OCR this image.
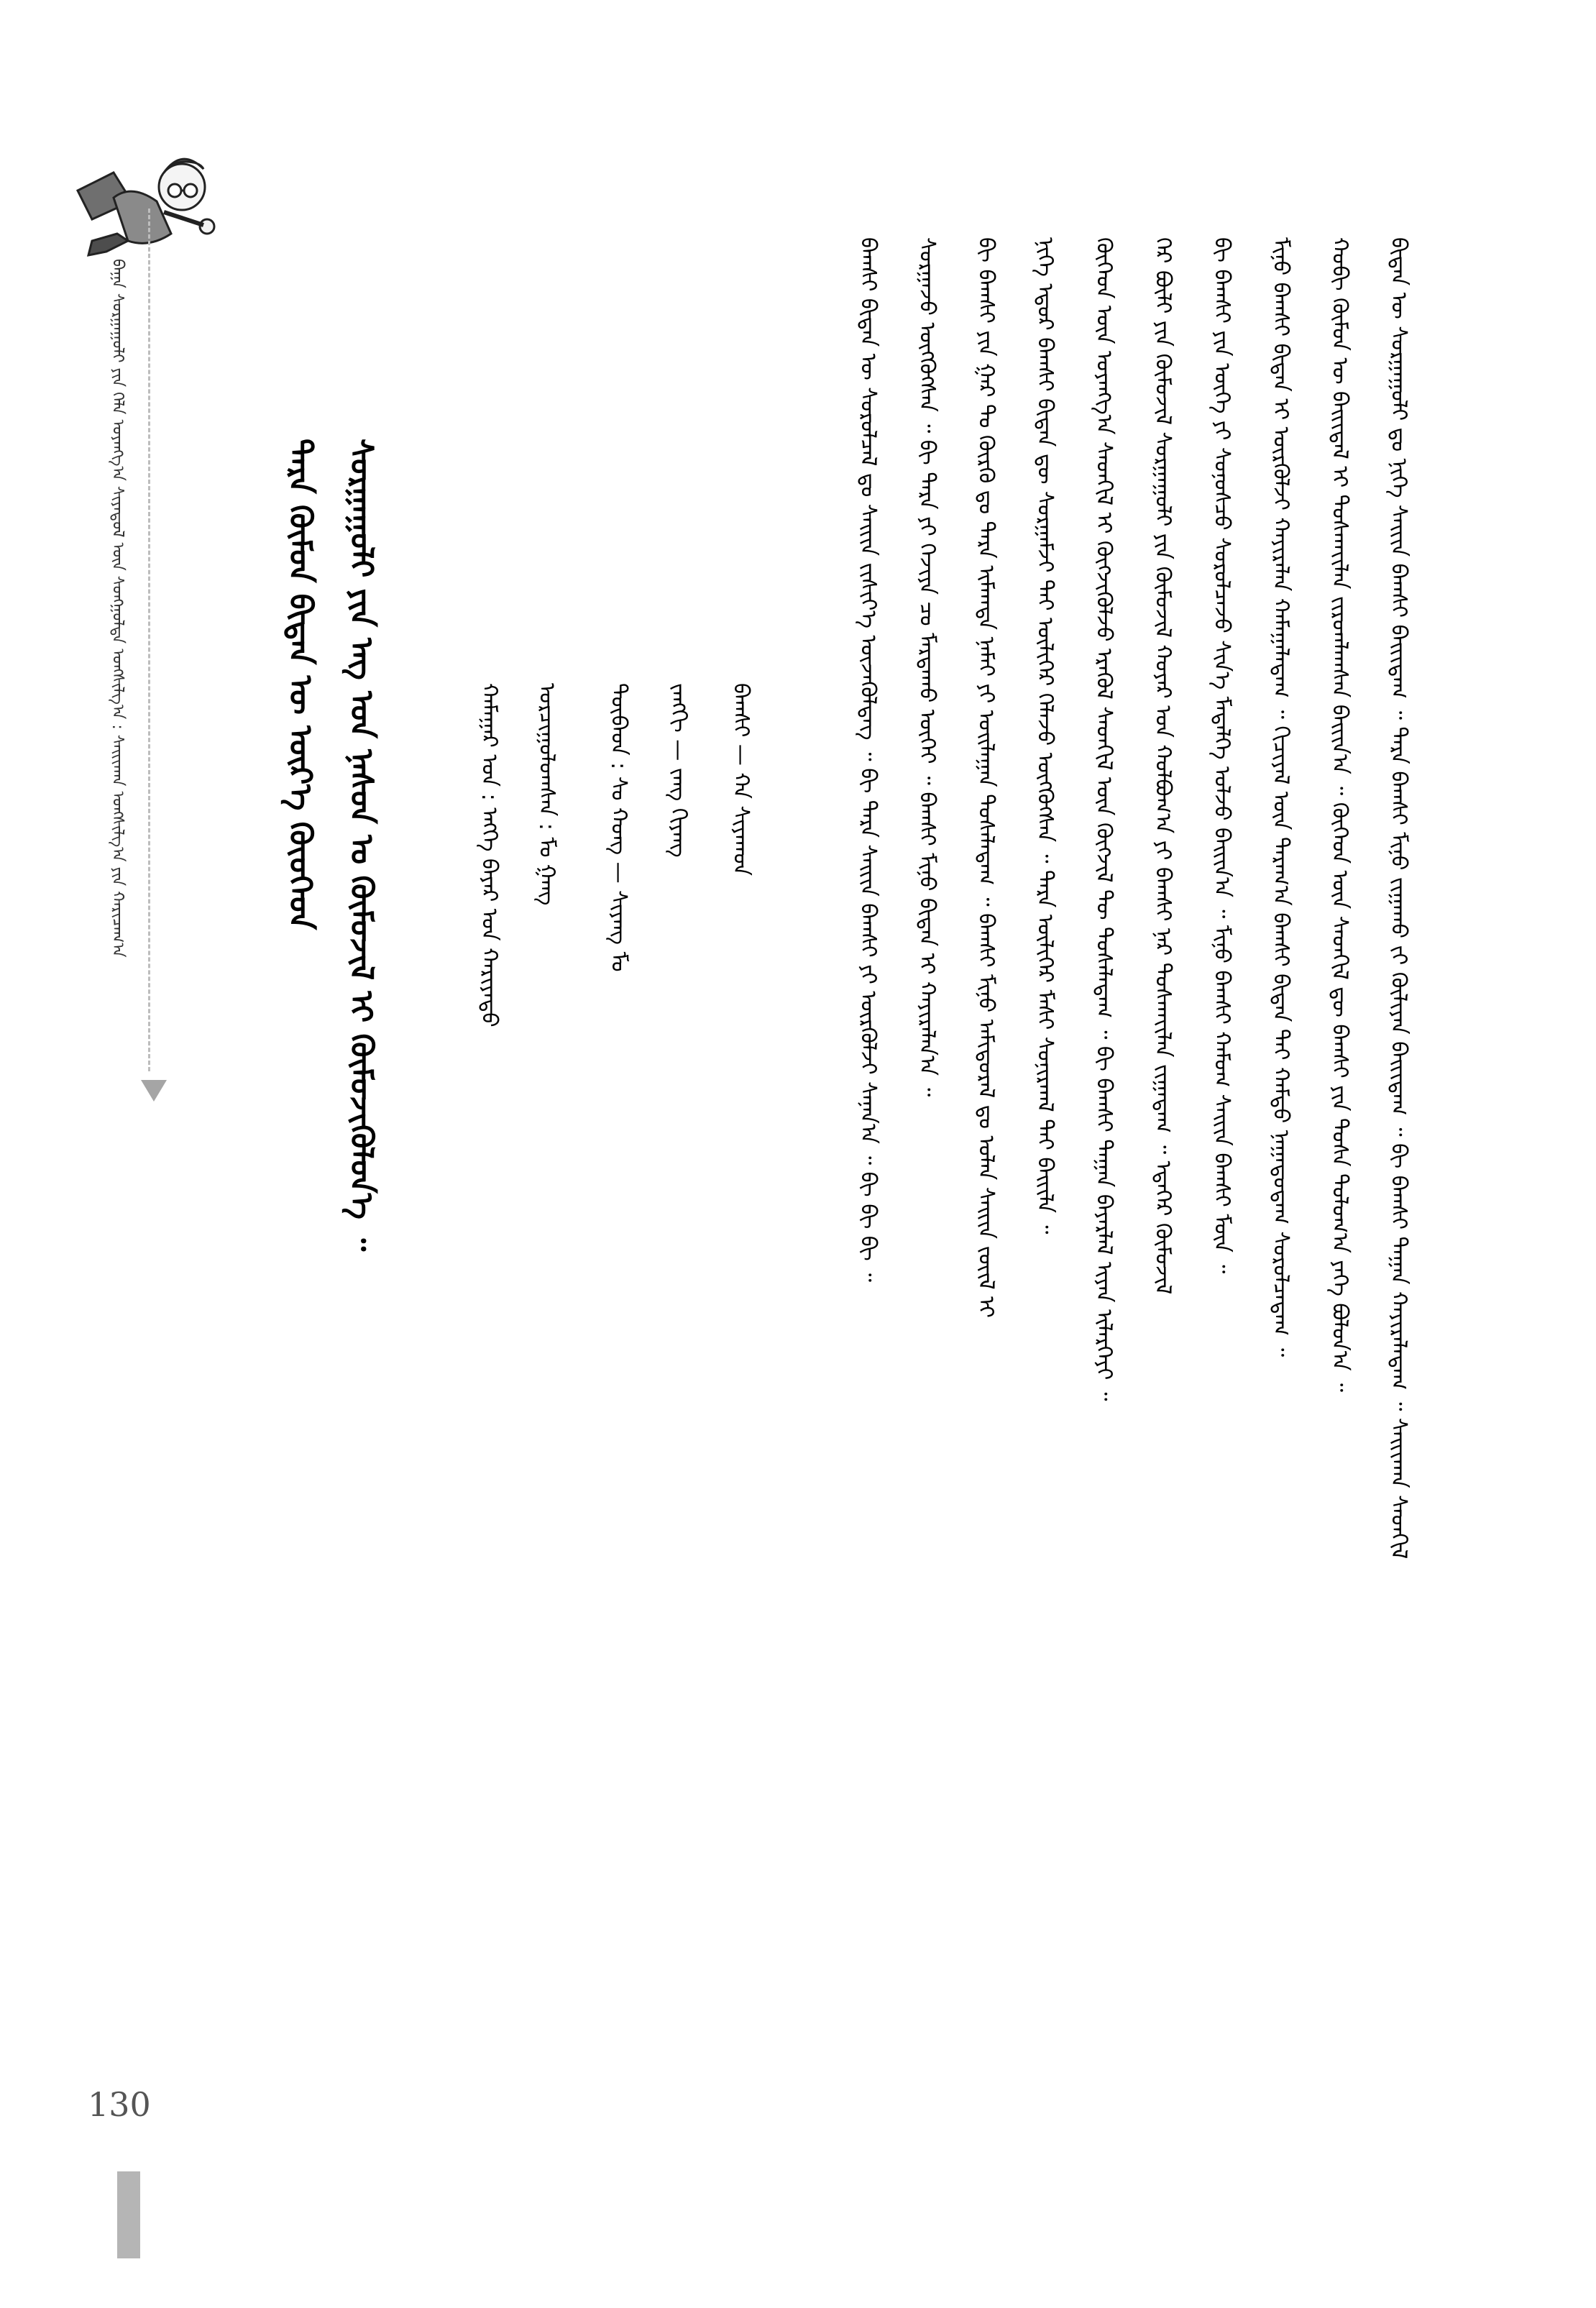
ᠪᠠᠭᠠ ᠰᠤᠷᠭᠠᠭᠤᠯᠢ ᠶᠢᠨ ᠬᠡᠯᠡ ᠤᠶᠠᠩᠭ᠎ᠠ ᠰᠢᠶᠡᠳᠦᠯ ᠦᠨ ᠰᠣᠩᠭ᠋ᠤᠯᠲᠠ ᠤᠩᠰᠢᠯᠭ᠎ᠠ : ᠰᠠᠢᠢᠬᠠᠨ ᠤᠩᠰᠢᠯᠭ᠎ᠠ ᠶᠢᠨ ᠬᠠᠷᠢᠴᠠᠭ᠎ᠠ	ᠲᠡᠷᠡ ᠬᠦᠮᠦᠨ ᠪᠢᠳᠡᠨ ᠦ ᠦᠷ᠎ᠡ ᠬᠦᠦᠬᠡᠳ ᠰᠤᠷᠭᠠᠭᠤᠯᠢ ᠶᠢᠨ ᠡᠩ ᠤᠨ ᠨᠠᠰᠤᠨ ᠤ ᠬᠦᠮᠦᠵᠢᠯ ᠢ ᠬᠦᠮᠦᠵᠢᠭᠦᠯᠦᠨ᠎ᠡ ᠃	ᠪᠠᠭᠰᠢ — ᠬᠠ ᠰᠢᠶᠠᠬᠤᠨ
ᠵᠠᠩᠭᠢ — ᠵᠠᠩ ᠬᠢᠶᠠᠩ
ᠲᠦᠪᠡᠳ : ᠰᠤ ᠬᠤᠩ — ᠰᠢᠶᠠᠩ ᠮᠤ
ᠣᠷᠴᠢᠭᠤᠯᠤᠭᠰᠠᠨ : ᠮᠤ ᠭᠠᠩ
ᠬᠠᠮᠠᠭᠠᠷ ᠤᠨ : ᠡᠩᠬᠡ ᠪᠠᠶᠠᠷ ᠤᠨ ᠬᠠᠷᠢᠶᠠᠲᠤ	ᠪᠢᠳᠡᠨ ᠦ ᠰᠤᠷᠭᠠᠭᠤᠯᠢ ᠳᠤ ᠨᠢᠭᠡ ᠰᠠᠢᠢᠨ ᠪᠠᠭᠰᠢ ᠪᠠᠢᠢᠳᠠᠭ ᠃ ᠲᠡᠷᠡ ᠪᠠᠭᠰᠢ ᠮᠢᠨᠤ ᠵᠢᠭᠠᠬᠤ ᠵᠢ ᠬᠦᠯᠢᠶᠡᠨ ᠪᠠᠢᠢᠳᠠᠭ ᠃ ᠪᠢ ᠪᠠᠭᠰᠢ ᠳᠠᠭᠠᠨ ᠬᠠᠶᠢᠷᠠᠯᠠᠳᠠᠭ ᠃ ᠰᠠᠢᠢᠬᠠᠨ ᠰᠡᠳᠬᠢᠯ
ᠬᠤᠪᠢ ᠬᠦᠮᠦᠨ ᠦ ᠪᠠᠢᠢᠳᠠᠯ ᠢ ᠲᠤᠰᠬᠠᠶ᠋ᠢᠯᠠᠨ ᠵᠢᠷᠤᠭᠯᠠᠭᠰᠠᠨ ᠪᠠᠢᠢᠨ᠎ᠠ ᠃ ᠬᠦᠬᠡᠳ ᠦᠨ ᠰᠡᠳᠬᠢᠯ ᠳᠦ ᠪᠠᠭᠰᠢ ᠶᠢᠨ ᠲᠤᠰᠠ ᠲᠤᠯᠤᠭ᠎ᠠ ᠶᠡᠬᠡ ᠪᠤᠯᠤᠨ᠎ᠠ ᠃
ᠮᠢᠨᠤ ᠪᠠᠭᠰᠢ ᠪᠢᠳᠡᠨ ᠢ ᠦᠷᠭᠦᠯᠵᠢ ᠬᠠᠶᠢᠷᠠᠯᠠᠨ ᠬᠠᠮᠠᠭᠠᠯᠠᠳᠠᠭ ᠃ ᠬᠢᠴᠢᠶᠡᠯ ᠦᠨ ᠳᠠᠷᠠᠭ᠎ᠠ ᠪᠠᠭᠰᠢ ᠪᠢᠳᠡᠨ ᠲᠡᠢ ᠬᠠᠮᠲᠤ ᠨᠠᠭᠠᠳᠤᠳᠠᠭ ᠰᠤᠷᠤᠯᠴᠠᠳᠠᠭ ᠃
ᠪᠢ ᠪᠠᠭᠰᠢ ᠶᠢᠨ ᠦᠭᠡ ᠶᠢ ᠰᠣᠨᠣᠰᠴᠤ ᠰᠤᠷᠤᠯᠴᠠᠵᠤ ᠰᠢᠨ᠎ᠡ ᠮᠡᠳᠡᠯᠭᠡ ᠣᠯᠵᠤ ᠪᠠᠢᠢᠨ᠎ᠠ ᠃ ᠮᠢᠨᠤ ᠪᠠᠭᠰᠢ ᠬᠠᠮᠤᠭ ᠰᠠᠢᠢᠨ ᠪᠠᠭᠰᠢ ᠮᠥᠨ ᠃
ᠭᠡᠷ ᠪᠦᠯᠢ ᠶᠢᠨ ᠬᠦᠮᠦᠵᠢᠯ ᠰᠤᠷᠭᠠᠭᠤᠯᠢ ᠶᠢᠨ ᠬᠦᠮᠦᠵᠢᠯ ᠬᠤᠶᠠᠷ ᠤᠨ ᠬᠣᠯᠪᠣᠭ᠎ᠠ ᠶᠢ ᠪᠠᠭᠰᠢ ᠨᠠᠷ ᠲᠤᠰᠬᠠᠶ᠋ᠢᠯᠠᠨ ᠵᠢᠭᠠᠳᠠᠭ ᠃ ᠡᠳᠡᠭᠡᠷ ᠬᠦᠮᠦᠵᠢᠯ
ᠬᠦᠬᠡᠳ ᠦᠨ ᠤᠶᠠᠩᠭ᠎ᠠ ᠰᠡᠳᠬᠢᠯ ᠢ ᠬᠥᠭᠵᠢᠭᠦᠯᠵᠦ ᠡᠷᠡᠭᠦᠯ ᠰᠡᠳᠬᠢᠯ ᠦᠨ ᠬᠥᠭᠵᠢᠯ ᠲᠦ ᠲᠤᠰᠠᠯᠠᠳᠠᠭ ᠃ ᠪᠢ ᠪᠠᠭᠰᠢ ᠳᠠᠭᠠᠨ ᠪᠠᠶᠠᠷᠯᠠᠯ ᠢᠶᠡᠨ ᠢᠯᠡᠷᠭᠡᠶᠢ ᠃
ᠨᠢᠭᠡ ᠡᠳᠦᠷ ᠪᠠᠭᠰᠢ ᠪᠢᠳᠡᠨ ᠳᠦ ᠰᠤᠷᠭᠠᠮᠵᠢ ᠲᠠᠢ ᠦᠯᠢᠭᠡᠷ ᠬᠡᠯᠡᠵᠦ ᠦᠭᠭᠦᠭᠰᠡᠨ ᠃ ᠲᠡᠷᠡ ᠦᠯᠢᠭᠡᠷ ᠮᠠᠰᠢ ᠰᠣᠨᠢᠷᠬᠠᠯ ᠲᠠᠢ ᠪᠠᠢᠢᠯᠠ ᠃
ᠪᠢ ᠪᠠᠭᠰᠢ ᠶᠢᠨ ᠭᠠᠷ ᠲᠤ ᠬᠦᠷᠬᠦ ᠳᠤ ᠲᠡᠷᠡ ᠢᠮᠠᠭᠲᠠ ᠨᠠᠮᠠᠢ ᠶᠢ ᠣᠢᠯᠠᠭᠠᠨ ᠲᠤᠰᠠᠯᠠᠳᠠᠭ ᠃ ᠪᠠᠭᠰᠢ ᠮᠢᠨᠤ ᠠᠮᠢᠳᠤᠷᠠᠯ ᠳᠤ ᠣᠯᠠᠨ ᠰᠠᠢᠢᠨ ᠵᠦᠢᠯ ᠢ
ᠰᠤᠷᠭᠠᠵᠤ ᠦᠭᠭᠦᠭᠰᠡᠨ ᠃ ᠪᠢ ᠲᠡᠷᠡ ᠶᠢ ᠬᠡᠵᠢᠶᠡ ᠴᠤ ᠮᠠᠷᠲᠠᠬᠤ ᠦᠭᠡᠢ ᠃ ᠪᠠᠭᠰᠢ ᠮᠢᠨᠤ ᠪᠢᠳᠡᠨ ᠢ ᠬᠠᠶᠢᠷᠠᠯᠠᠨ᠎ᠠ ᠃
ᠪᠠᠭᠰᠢ ᠪᠢᠳᠡᠨ ᠦ ᠰᠤᠷᠤᠯᠴᠠᠯ ᠳᠤ ᠰᠠᠢᠢᠨ ᠵᠢᠱᠢᠶ᠎ᠡ ᠦᠵᠡᠭᠦᠯᠳᠡᠭ ᠃ ᠪᠢ ᠲᠡᠷᠡ ᠰᠠᠢᠢᠨ ᠪᠠᠭᠰᠢ ᠶᠢ ᠦᠷᠭᠦᠯᠵᠢ ᠰᠠᠨᠠᠨ᠎ᠠ ᠃ ᠪᠢ ᠪᠢ ᠪᠢ ᠃
130
